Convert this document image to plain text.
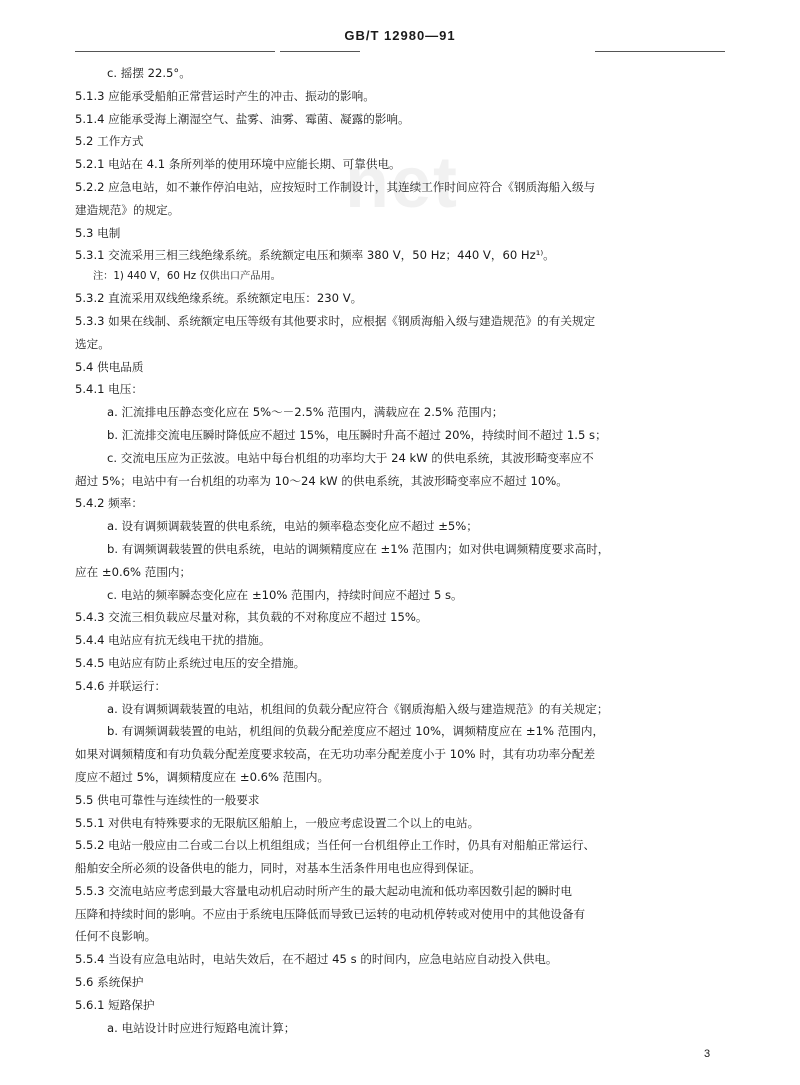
GB/T 12980—91
net
c. 摇摆 22.5°。
5.1.3 应能承受船舶正常营运时产生的冲击、振动的影响。
5.1.4 应能承受海上潮湿空气、盐雾、油雾、霉菌、凝露的影响。
5.2 工作方式
5.2.1 电站在 4.1 条所列举的使用环境中应能长期、可靠供电。
5.2.2 应急电站，如不兼作停泊电站，应按短时工作制设计，其连续工作时间应符合《钢质海船入级与
建造规范》的规定。
5.3 电制
5.3.1 交流采用三相三线绝缘系统。系统额定电压和频率 380 V，50 Hz；440 V，60 Hz¹⁾。
注：1) 440 V，60 Hz 仅供出口产品用。
5.3.2 直流采用双线绝缘系统。系统额定电压：230 V。
5.3.3 如果在线制、系统额定电压等级有其他要求时，应根据《钢质海船入级与建造规范》的有关规定
选定。
5.4 供电品质
5.4.1 电压：
a. 汇流排电压静态变化应在 5%～－2.5% 范围内，满载应在 2.5% 范围内；
b. 汇流排交流电压瞬时降低应不超过 15%，电压瞬时升高不超过 20%，持续时间不超过 1.5 s；
c. 交流电压应为正弦波。电站中每台机组的功率均大于 24 kW 的供电系统，其波形畸变率应不
超过 5%；电站中有一台机组的功率为 10～24 kW 的供电系统，其波形畸变率应不超过 10%。
5.4.2 频率：
a. 设有调频调载装置的供电系统，电站的频率稳态变化应不超过 ±5%；
b. 有调频调载装置的供电系统，电站的调频精度应在 ±1% 范围内；如对供电调频精度要求高时，
应在 ±0.6% 范围内；
c. 电站的频率瞬态变化应在 ±10% 范围内，持续时间应不超过 5 s。
5.4.3 交流三相负载应尽量对称，其负载的不对称度应不超过 15%。
5.4.4 电站应有抗无线电干扰的措施。
5.4.5 电站应有防止系统过电压的安全措施。
5.4.6 并联运行：
a. 设有调频调载装置的电站，机组间的负载分配应符合《钢质海船入级与建造规范》的有关规定；
b. 有调频调载装置的电站，机组间的负载分配差度应不超过 10%，调频精度应在 ±1% 范围内，
如果对调频精度和有功负载分配差度要求较高，在无功功率分配差度小于 10% 时，其有功功率分配差
度应不超过 5%，调频精度应在 ±0.6% 范围内。
5.5 供电可靠性与连续性的一般要求
5.5.1 对供电有特殊要求的无限航区船舶上，一般应考虑设置二个以上的电站。
5.5.2 电站一般应由二台或二台以上机组组成；当任何一台机组停止工作时，仍具有对船舶正常运行、
船舶安全所必须的设备供电的能力，同时，对基本生活条件用电也应得到保证。
5.5.3 交流电站应考虑到最大容量电动机启动时所产生的最大起动电流和低功率因数引起的瞬时电
压降和持续时间的影响。不应由于系统电压降低而导致已运转的电动机停转或对使用中的其他设备有
任何不良影响。
5.5.4 当设有应急电站时，电站失效后，在不超过 45 s 的时间内，应急电站应自动投入供电。
5.6 系统保护
5.6.1 短路保护
a. 电站设计时应进行短路电流计算；
3
